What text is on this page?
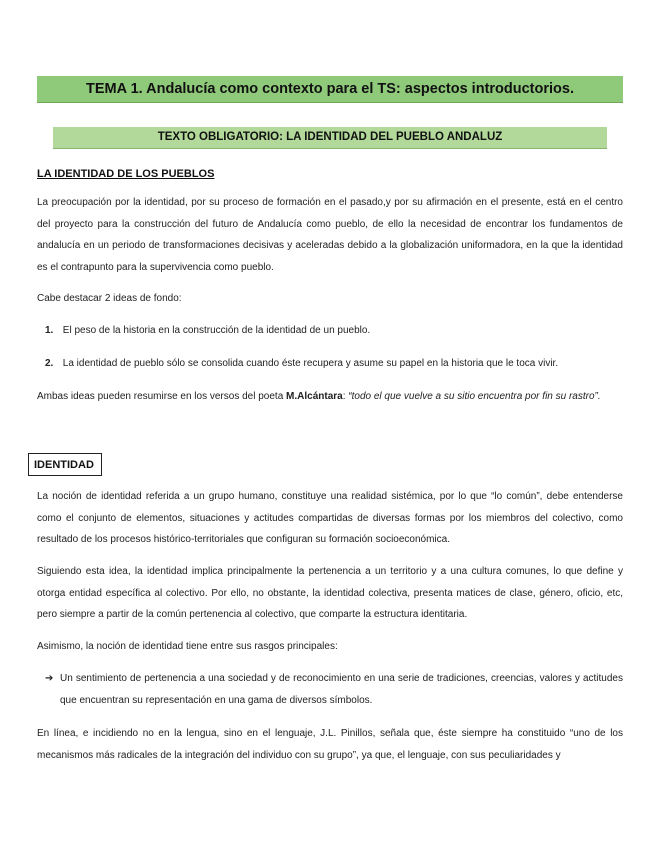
TEMA 1. Andalucía como contexto para el TS: aspectos introductorios.
TEXTO OBLIGATORIO: LA IDENTIDAD DEL PUEBLO ANDALUZ
LA IDENTIDAD DE LOS PUEBLOS
La preocupación por la identidad, por su proceso de formación en el pasado,y por su afirmación en el presente, está en el centro del proyecto para la construcción del futuro de Andalucía como pueblo, de ello la necesidad de encontrar los fundamentos de andalucía en un periodo de transformaciones decisivas y aceleradas debido a la globalización uniformadora, en la que la identidad es el contrapunto para la supervivencia como pueblo.
Cabe destacar 2 ideas de fondo:
1. El peso de la historia en la construcción de la identidad de un pueblo.
2. La identidad de pueblo sólo se consolida cuando éste recupera y asume su papel en la historia que le toca vivir.
Ambas ideas pueden resumirse en los versos del poeta M.Alcántara: “todo el que vuelve a su sitio encuentra por fin su rastro”.
IDENTIDAD
La noción de identidad referida a un grupo humano, constituye una realidad sistémica, por lo que “lo común”, debe entenderse como el conjunto de elementos, situaciones y actitudes compartidas de diversas formas por los miembros del colectivo, como resultado de los procesos histórico-territoriales que configuran su formación socioeconómica.
Siguiendo esta idea, la identidad implica principalmente la pertenencia a un territorio y a una cultura comunes, lo que define y otorga entidad específica al colectivo. Por ello, no obstante, la identidad colectiva, presenta matices de clase, género, oficio, etc, pero siempre a partir de la común pertenencia al colectivo, que comparte la estructura identitaria.
Asimismo, la noción de identidad tiene entre sus rasgos principales:
➔ Un sentimiento de pertenencia a una sociedad y de reconocimiento en una serie de tradiciones, creencias, valores y actitudes que encuentran su representación en una gama de diversos símbolos.
En línea, e incidiendo no en la lengua, sino en el lenguaje, J.L. Pinillos, señala que, éste siempre ha constituido “uno de los mecanismos más radicales de la integración del individuo con su grupo”, ya que, el lenguaje, con sus peculiaridades y
